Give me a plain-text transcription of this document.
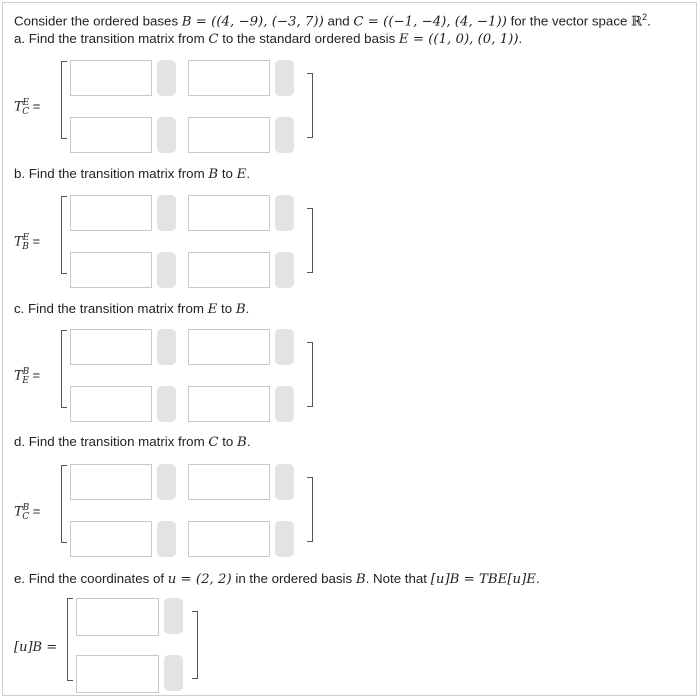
Consider the ordered bases B = ((4, −9), (−3, 7)) and C = ((−1, −4), (4, −1)) for the vector space ℝ$^2$.
a. Find the transition matrix from C to the standard ordered basis E = ((1, 0), (0, 1)).
$T^E_C$ =
b. Find the transition matrix from B to E.
$T^E_B$ =
c. Find the transition matrix from E to B.
$T^B_E$ =
d. Find the transition matrix from C to B.
$T^B_C$ =
e. Find the coordinates of u = (2, 2) in the ordered basis B. Note that [u]B = TBE[u]E.
[u]B =
